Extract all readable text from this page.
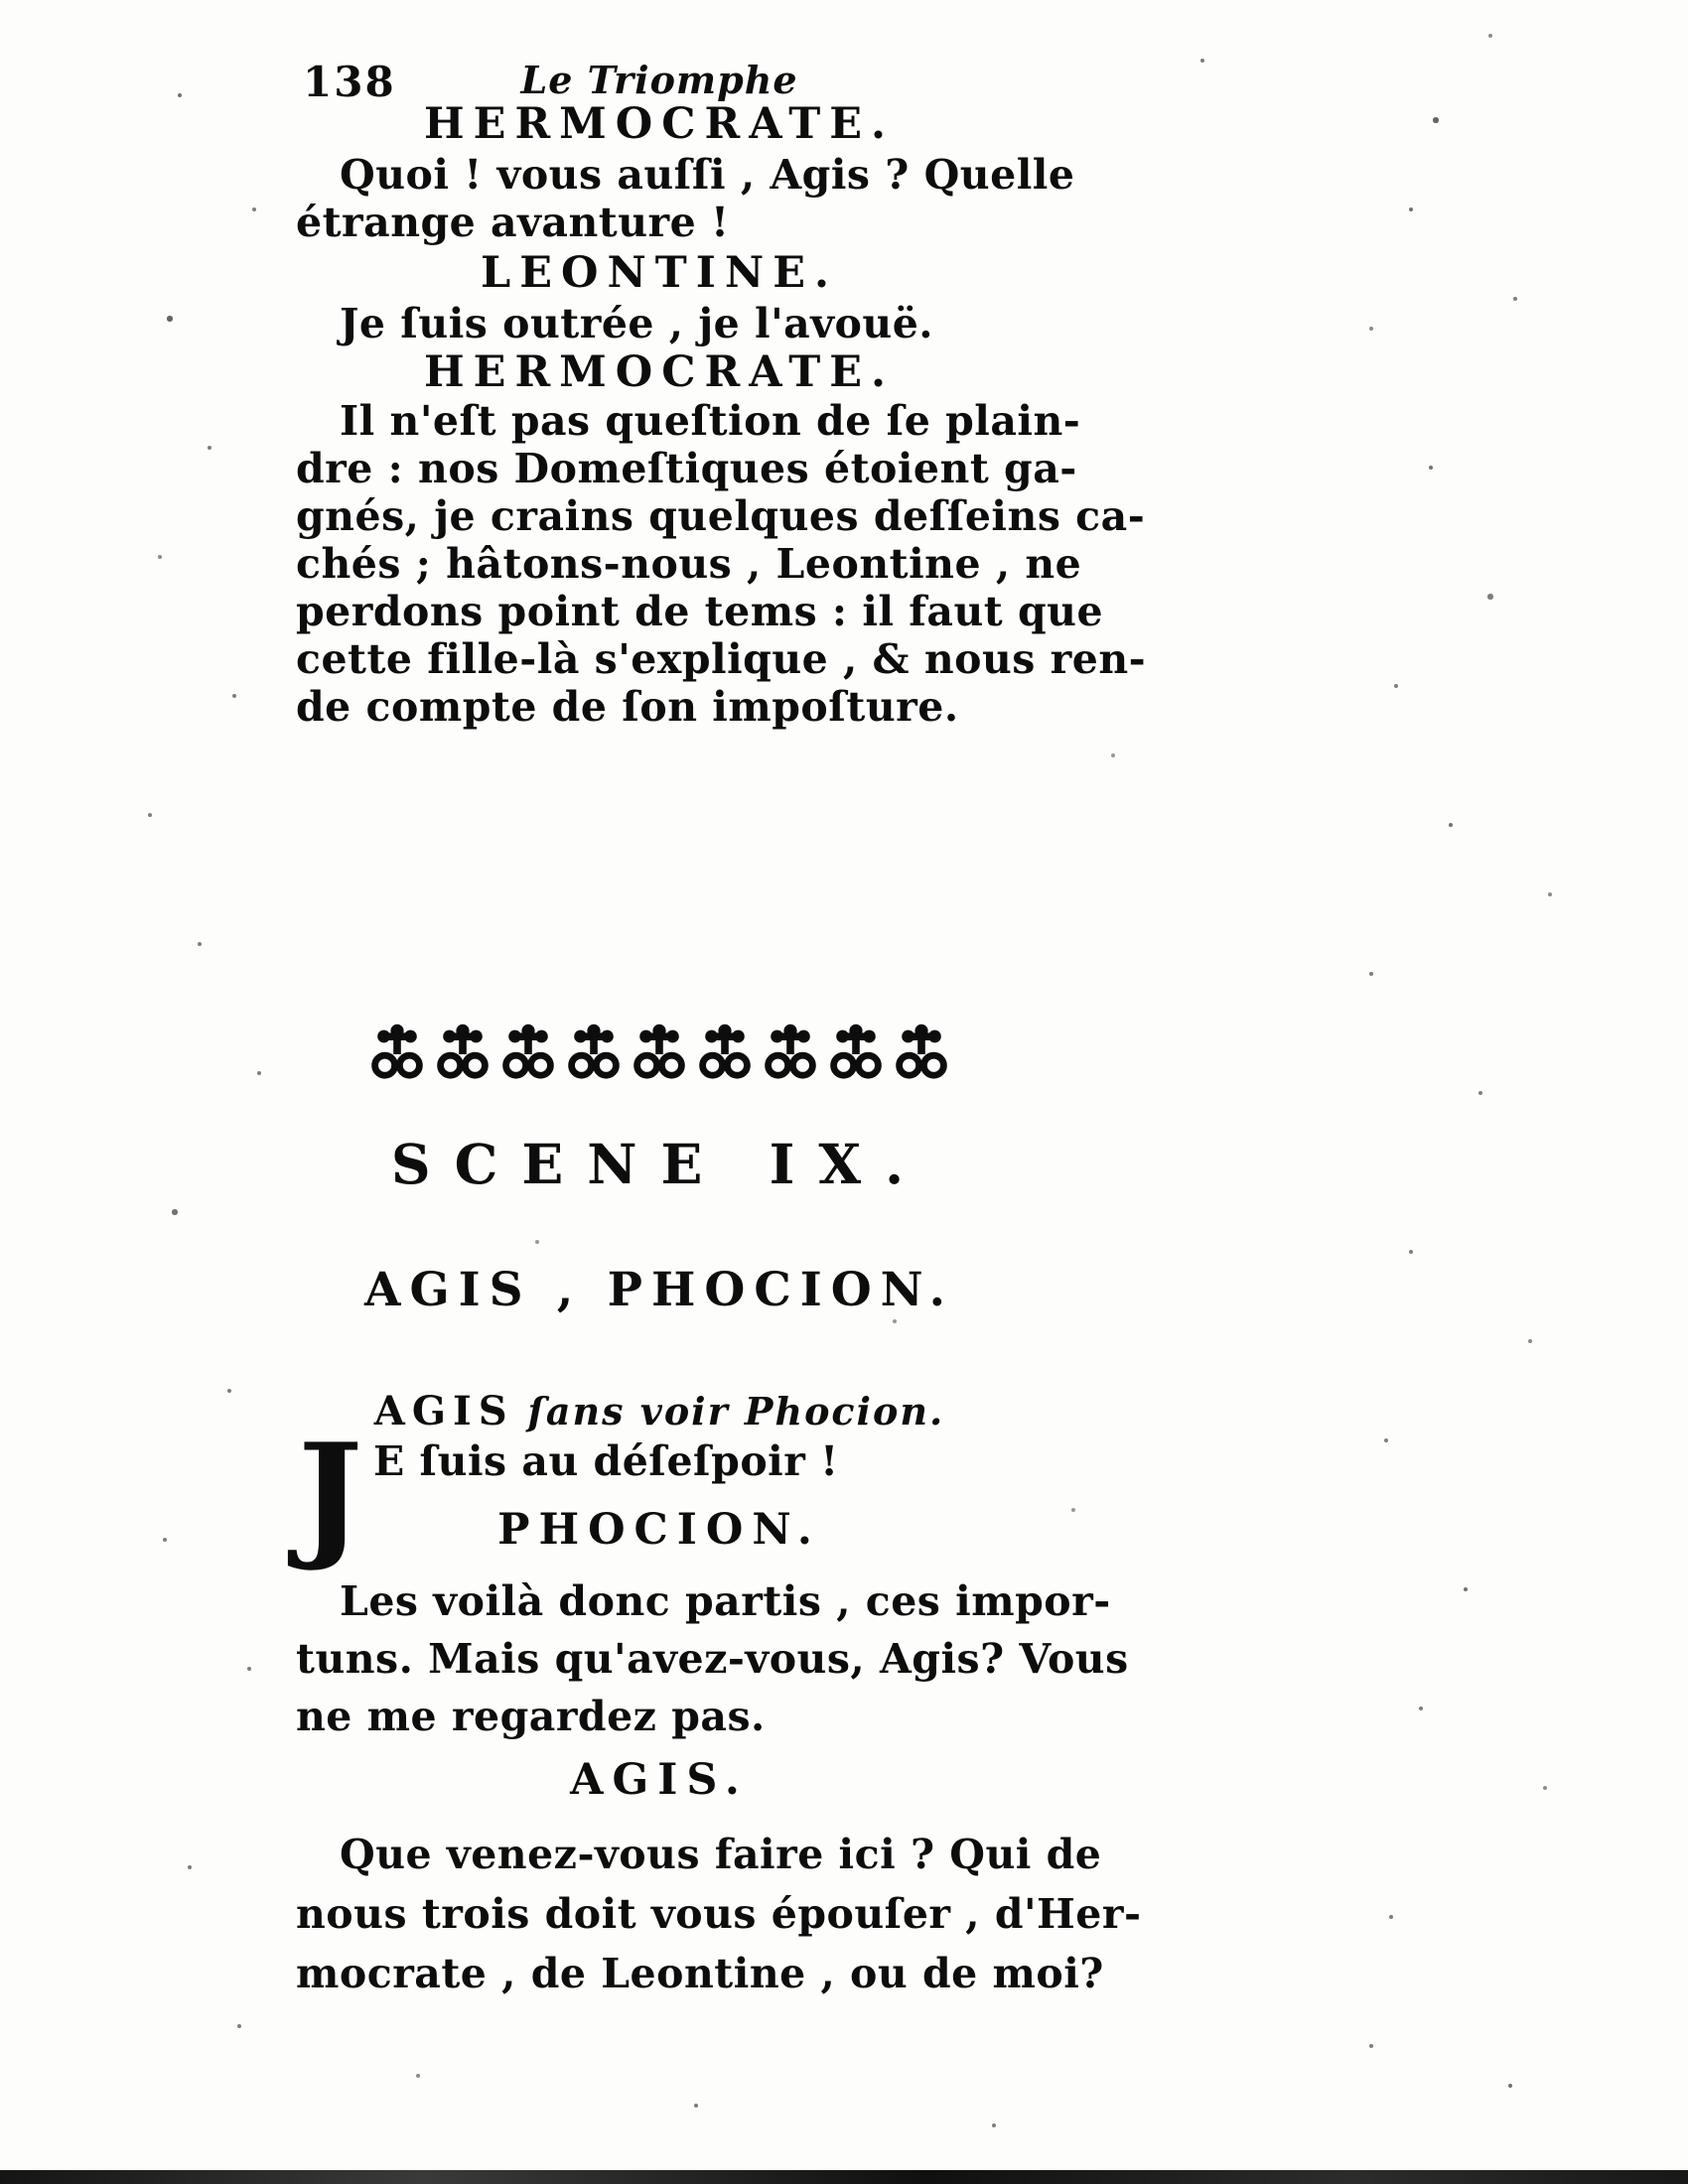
138	Le Triomphe
HERMOCRATE.
Quoi ! vous auſſi , Agis ? Quelle
étrange avanture !
LEONTINE.
Je ſuis outrée , je l'avouë.
HERMOCRATE.
Il n'eſt pas queſtion de ſe plain-
dre : nos Domeſtiques étoient ga-
gnés, je crains quelques deſſeins ca-
chés ; hâtons-nous , Leontine , ne
perdons point de tems : il faut que
cette fille-là s'explique , & nous ren-
de compte de ſon impoſture.
SCENE IX.
AGIS , PHOCION.
AGIS ſans voir Phocion.
J E ſuis au déſeſpoir !
PHOCION.
Les voilà donc partis , ces impor-
tuns. Mais qu'avez-vous, Agis? Vous
ne me regardez pas.
AGIS.
Que venez-vous faire ici ? Qui de
nous trois doit vous épouſer , d'Her-
mocrate , de Leontine , ou de moi?
